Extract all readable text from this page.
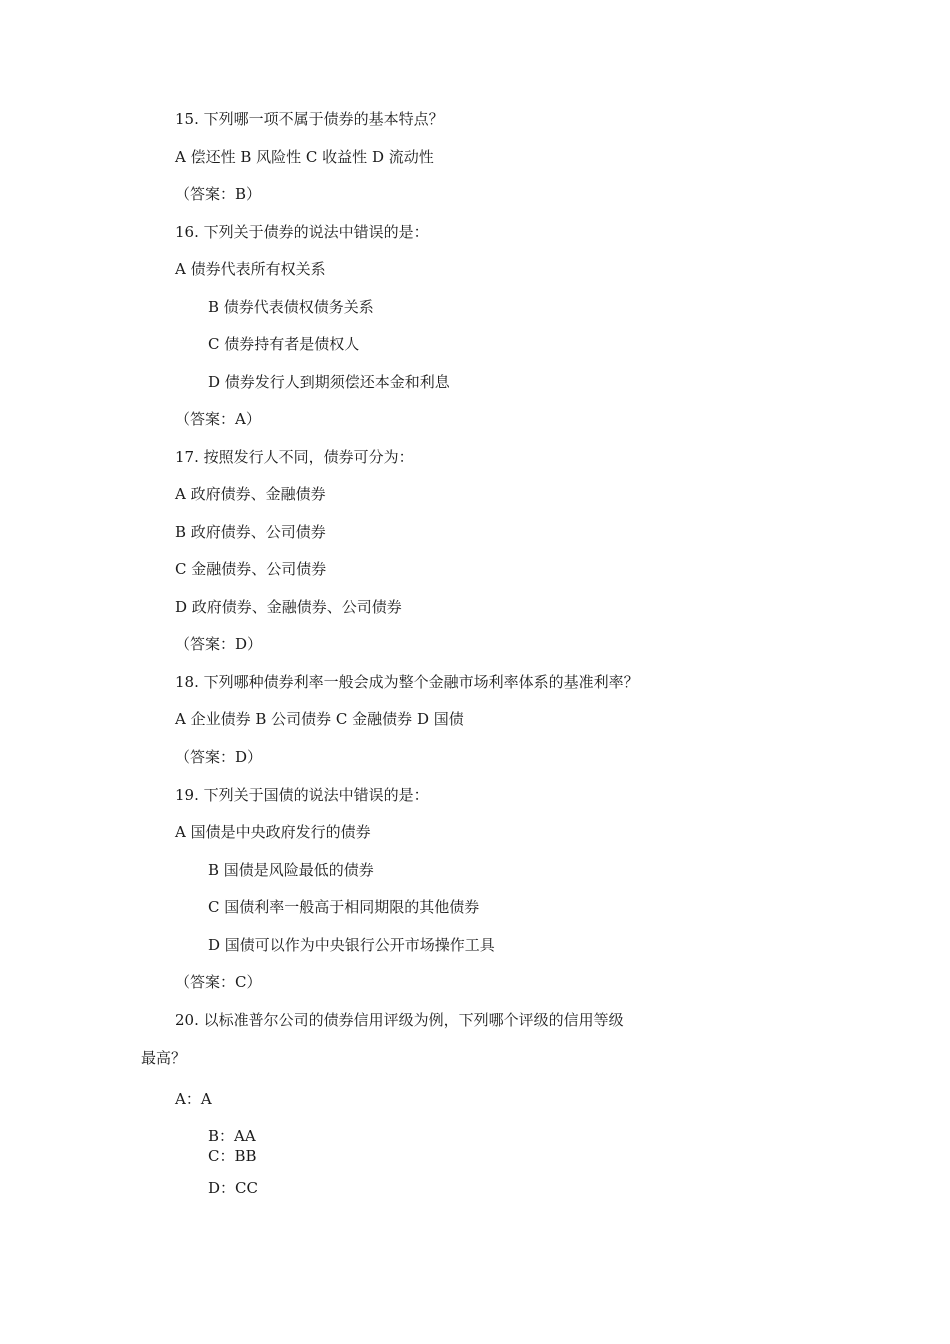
15. 下列哪一项不属于债券的基本特点？
A 偿还性 B 风险性 C 收益性 D 流动性
（答案：B）
16. 下列关于债券的说法中错误的是：
A 债券代表所有权关系
B 债券代表债权债务关系
C 债券持有者是债权人
D 债券发行人到期须偿还本金和利息
（答案：A）
17. 按照发行人不同，债券可分为：
A 政府债券、金融债券
B 政府债券、公司债券
C 金融债券、公司债券
D 政府债券、金融债券、公司债券
（答案：D）
18. 下列哪种债券利率一般会成为整个金融市场利率体系的基准利率？
A 企业债券 B 公司债券 C 金融债券 D 国债
（答案：D）
19. 下列关于国债的说法中错误的是：
A 国债是中央政府发行的债券
B 国债是风险最低的债券
C 国债利率一般高于相同期限的其他债券
D 国债可以作为中央银行公开市场操作工具
（答案：C）
20. 以标准普尔公司的债券信用评级为例，下列哪个评级的信用等级
最高？
A：A
B：AA
C：BB
D：CC
